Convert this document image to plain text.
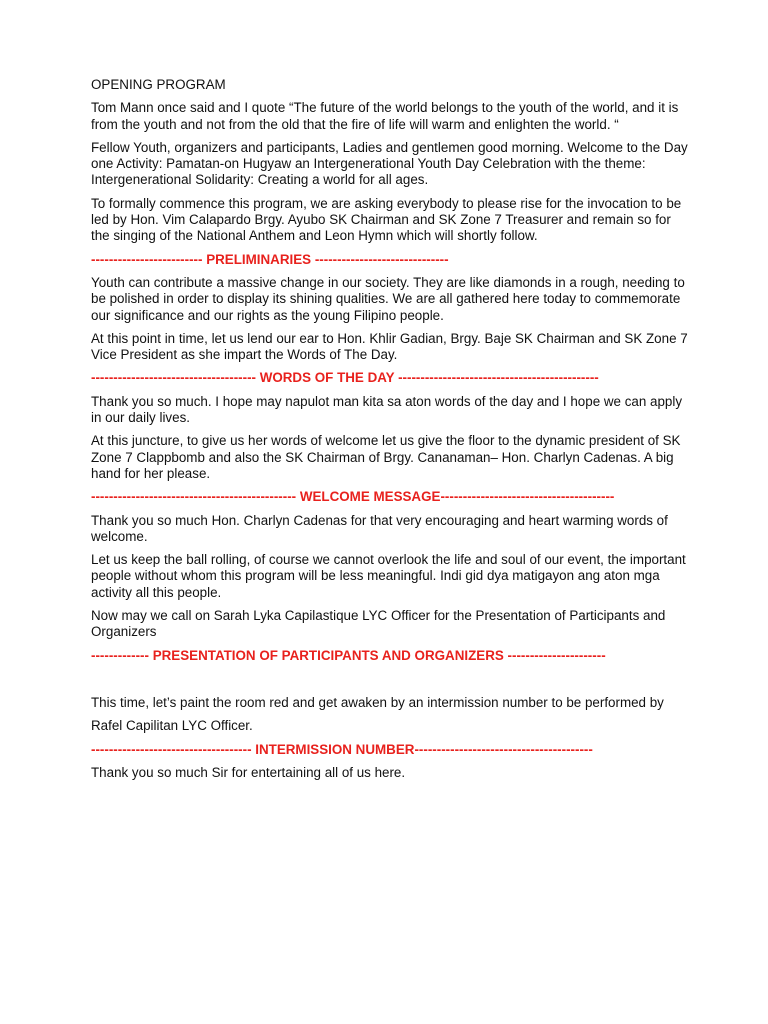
OPENING PROGRAM
Tom Mann once said and I quote “The future of the world belongs to the youth of the world, and it is from the youth and not from the old that the fire of life will warm and enlighten the world. “
Fellow Youth, organizers and participants, Ladies and gentlemen good morning. Welcome to the Day one Activity: Pamatan-on Hugyaw an Intergenerational Youth Day Celebration with the theme: Intergenerational Solidarity: Creating a world for all ages.
To formally commence this program, we are asking everybody to please rise for the invocation to be led by Hon. Vim Calapardo Brgy. Ayubo SK Chairman and SK Zone 7 Treasurer and remain so for the singing of the National Anthem and Leon Hymn which will shortly follow.
------------------------- PRELIMINARIES ------------------------------
Youth can contribute a massive change in our society. They are like diamonds in a rough, needing to be polished in order to display its shining qualities. We are all gathered here today to commemorate our significance and our rights as the young Filipino people.
At this point in time, let us lend our ear to Hon. Khlir Gadian, Brgy. Baje SK Chairman and SK Zone 7 Vice President as she impart the Words of The Day.
------------------------------------- WORDS OF THE DAY ---------------------------------------------
Thank you so much. I hope may napulot man kita sa aton words of the day and I hope we can apply in our daily lives.
At this juncture, to give us her words of welcome let us give the floor to the dynamic president of SK Zone 7 Clappbomb and also the SK Chairman of Brgy. Cananaman– Hon. Charlyn Cadenas. A big hand for her please.
---------------------------------------------- WELCOME MESSAGE---------------------------------------
Thank you so much Hon. Charlyn Cadenas for that very encouraging and heart warming words of welcome.
Let us keep the ball rolling, of course we cannot overlook the life and soul of our event, the important people without whom this program will be less meaningful. Indi gid dya matigayon ang aton mga activity all this people.
Now may we call on Sarah Lyka Capilastique LYC Officer for the Presentation of Participants and Organizers
------------- PRESENTATION OF PARTICIPANTS AND ORGANIZERS ----------------------
This time, let’s paint the room red and get awaken by an intermission number to be performed by
Rafel Capilitan LYC Officer.
------------------------------------ INTERMISSION NUMBER----------------------------------------
Thank you so much Sir for entertaining all of us here.
